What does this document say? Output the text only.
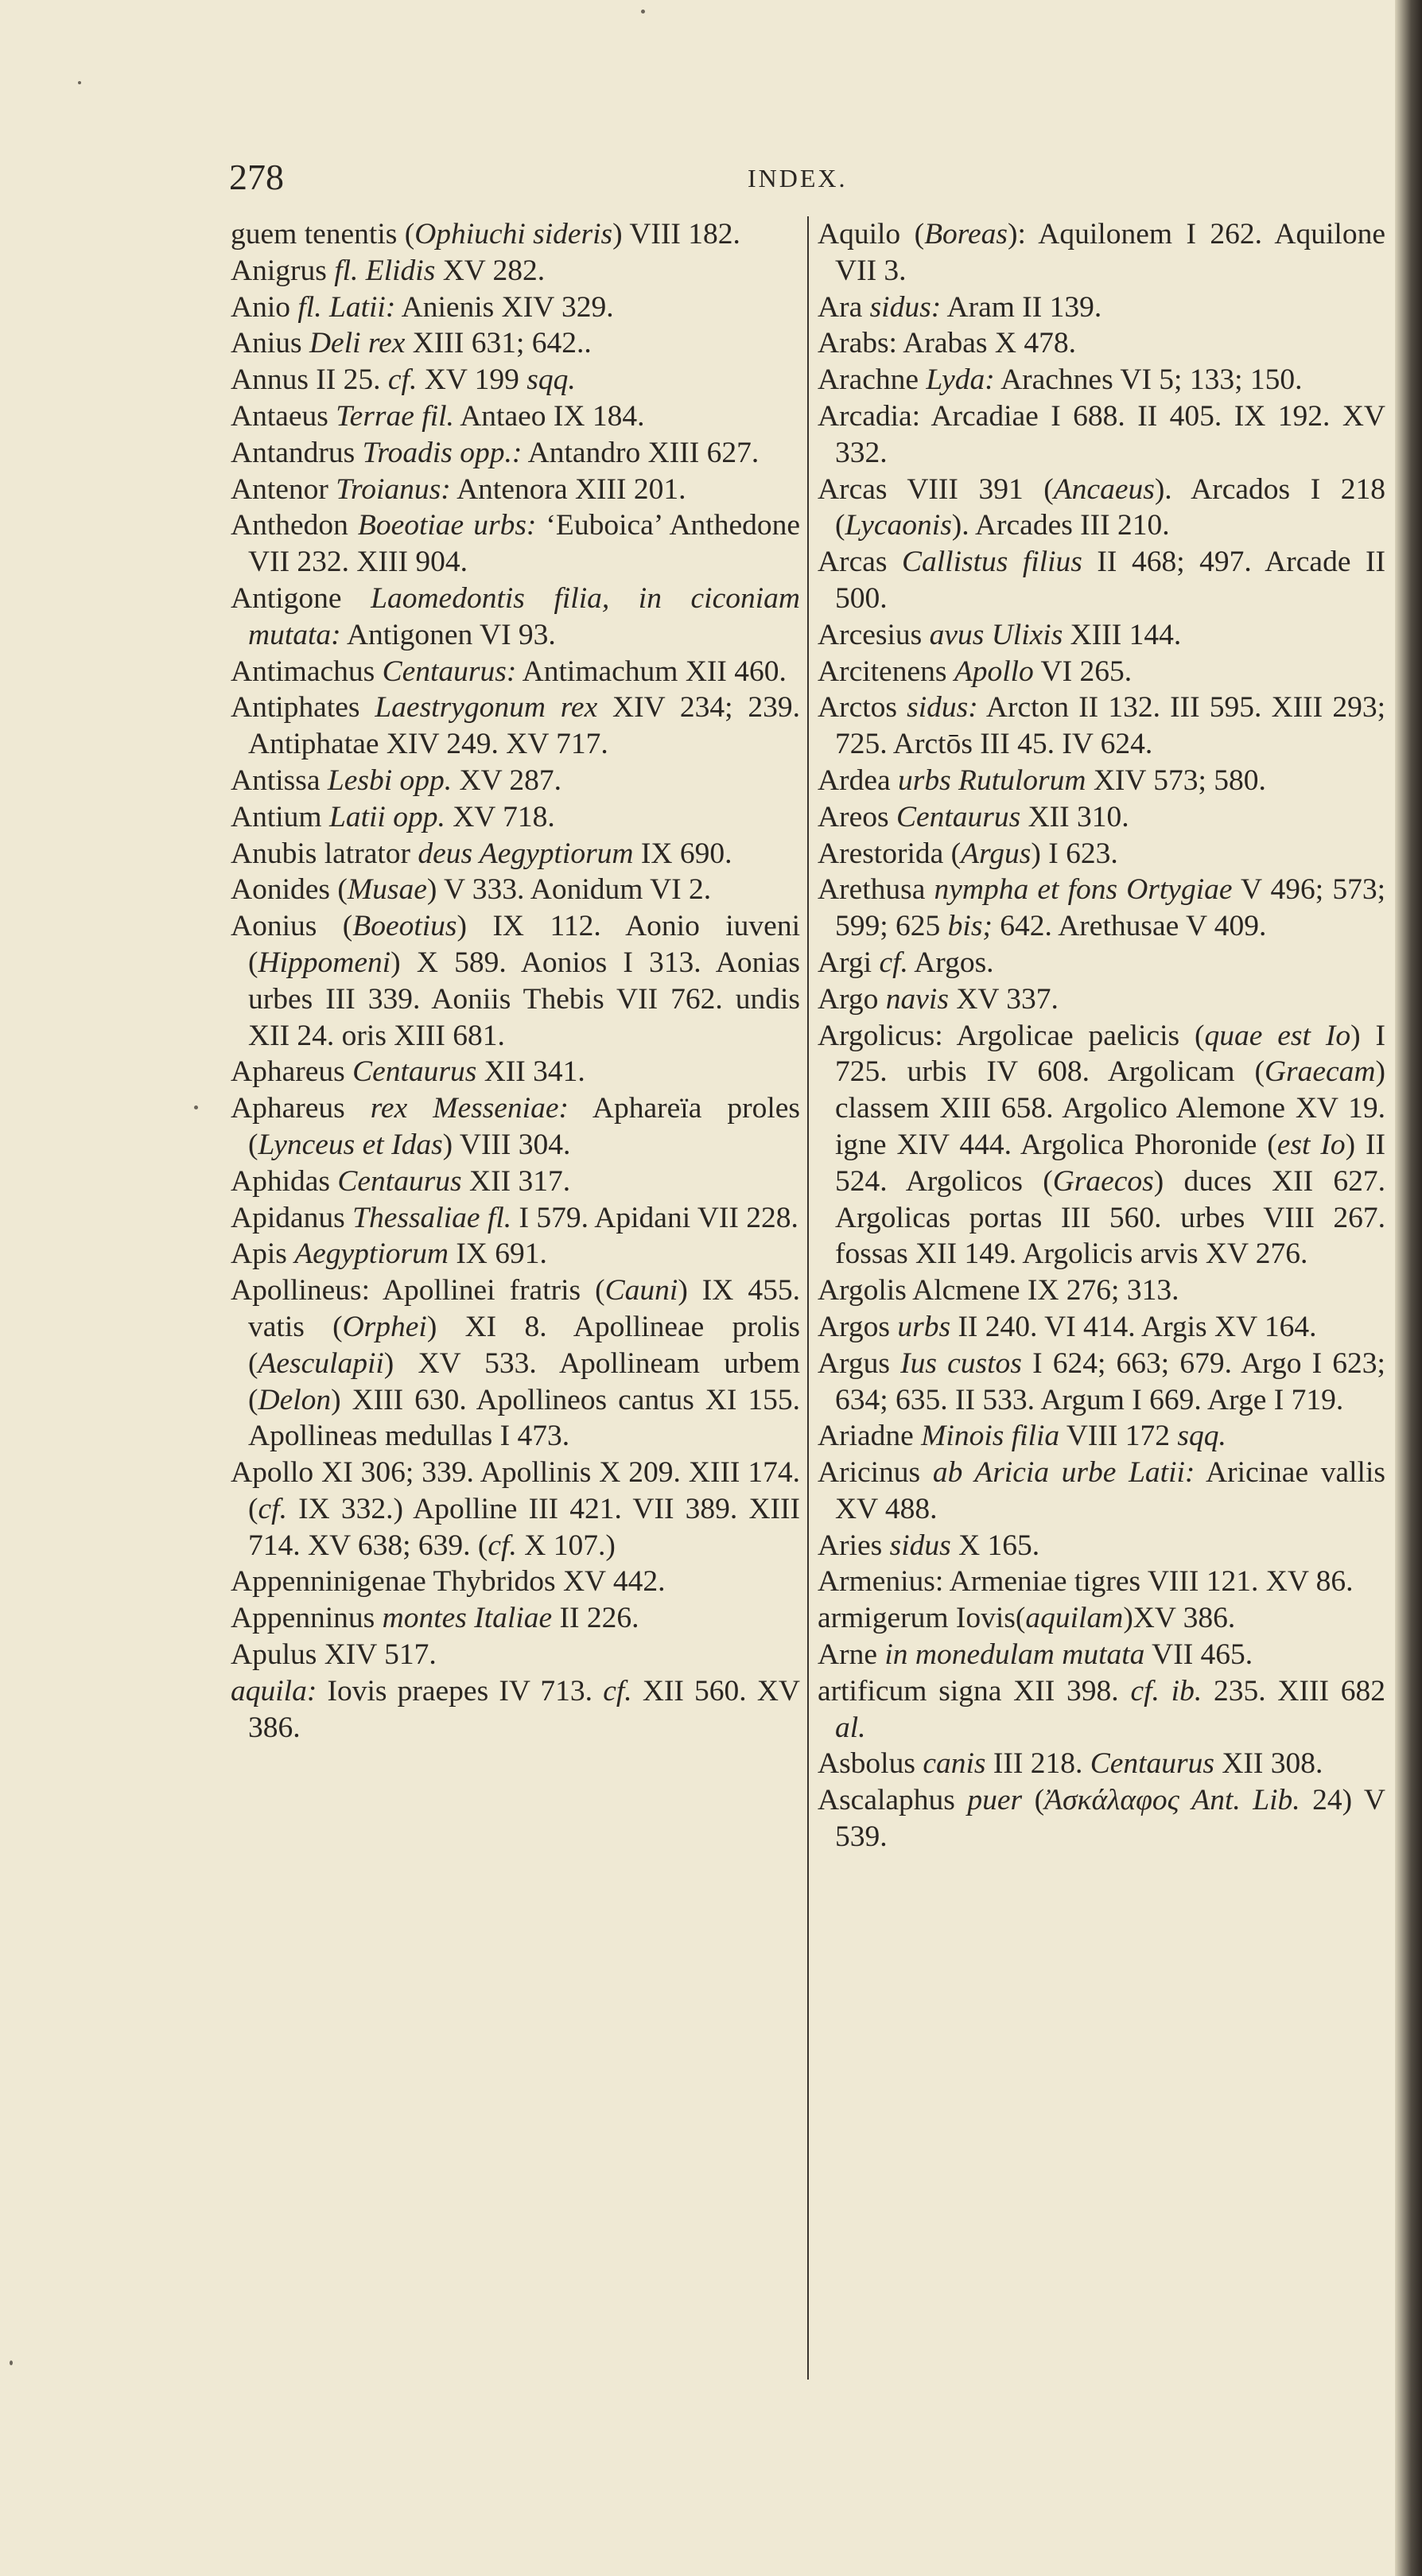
278	INDEX.

guem tenentis (Ophiuchi sideris) VIII 182.

Anigrus fl. Elidis XV 282.

Anio fl. Latii: Anienis XIV 329.

Anius Deli rex XIII 631; 642..

Annus II 25. cf. XV 199 sqq.

Antaeus Terrae fil. Antaeo IX 184.

Antandrus Troadis opp.: Antandro XIII 627.

Antenor Troianus: Antenora XIII 201.

Anthedon Boeotiae urbs: ‘Euboica’ Anthedone VII 232. XIII 904.

Antigone Laomedontis filia, in ciconiam mutata: Antigonen VI 93.

Antimachus Centaurus: Antimachum XII 460.

Antiphates Laestrygonum rex XIV 234; 239. Antiphatae XIV 249. XV 717.

Antissa Lesbi opp. XV 287.

Antium Latii opp. XV 718.

Anubis latrator deus Aegyptiorum IX 690.

Aonides (Musae) V 333. Aonidum VI 2.

Aonius (Boeotius) IX 112. Aonio iuveni (Hippomeni) X 589. Aonios I 313. Aonias urbes III 339. Aoniis Thebis VII 762. undis XII 24. oris XIII 681.

Aphareus Centaurus XII 341.

Aphareus rex Messeniae: Aphareïa proles (Lynceus et Idas) VIII 304.

Aphidas Centaurus XII 317.

Apidanus Thessaliae fl. I 579. Apidani VII 228.

Apis Aegyptiorum IX 691.

Apollineus: Apollinei fratris (Cauni) IX 455. vatis (Orphei) XI 8. Apollineae prolis (Aesculapii) XV 533. Apollineam urbem (Delon) XIII 630. Apollineos cantus XI 155. Apollineas medullas I 473.

Apollo XI 306; 339. Apollinis X 209. XIII 174. (cf. IX 332.) Apolline III 421. VII 389. XIII 714. XV 638; 639. (cf. X 107.)

Appenninigenae Thybridos XV 442.

Appenninus montes Italiae II 226.

Apulus XIV 517.

aquila: Iovis praepes IV 713. cf. XII 560. XV 386.

Aquilo (Boreas): Aquilonem I 262. Aquilone VII 3.

Ara sidus: Aram II 139.

Arabs: Arabas X 478.

Arachne Lyda: Arachnes VI 5; 133; 150.

Arcadia: Arcadiae I 688. II 405. IX 192. XV 332.

Arcas VIII 391 (Ancaeus). Arcados I 218 (Lycaonis). Arcades III 210.

Arcas Callistus filius II 468; 497. Arcade II 500.

Arcesius avus Ulixis XIII 144.

Arcitenens Apollo VI 265.

Arctos sidus: Arcton II 132. III 595. XIII 293; 725. Arctōs III 45. IV 624.

Ardea urbs Rutulorum XIV 573; 580.

Areos Centaurus XII 310.

Arestorida (Argus) I 623.

Arethusa nympha et fons Ortygiae V 496; 573; 599; 625 bis; 642. Arethusae V 409.

Argi cf. Argos.

Argo navis XV 337.

Argolicus: Argolicae paelicis (quae est Io) I 725. urbis IV 608. Argolicam (Graecam) classem XIII 658. Argolico Alemone XV 19. igne XIV 444. Argolica Phoronide (est Io) II 524. Argolicos (Graecos) duces XII 627. Argolicas portas III 560. urbes VIII 267. fossas XII 149. Argolicis arvis XV 276.

Argolis Alcmene IX 276; 313.

Argos urbs II 240. VI 414. Argis XV 164.

Argus Ius custos I 624; 663; 679. Argo I 623; 634; 635. II 533. Argum I 669. Arge I 719.

Ariadne Minois filia VIII 172 sqq.

Aricinus ab Aricia urbe Latii: Aricinae vallis XV 488.

Aries sidus X 165.

Armenius: Armeniae tigres VIII 121. XV 86.

armigerum Iovis(aquilam)XV 386.

Arne in monedulam mutata VII 465.

artificum signa XII 398. cf. ib. 235. XIII 682 al.

Asbolus canis III 218. Centaurus XII 308.

Ascalaphus puer (Ἀσκάλαφος Ant. Lib. 24) V 539.
